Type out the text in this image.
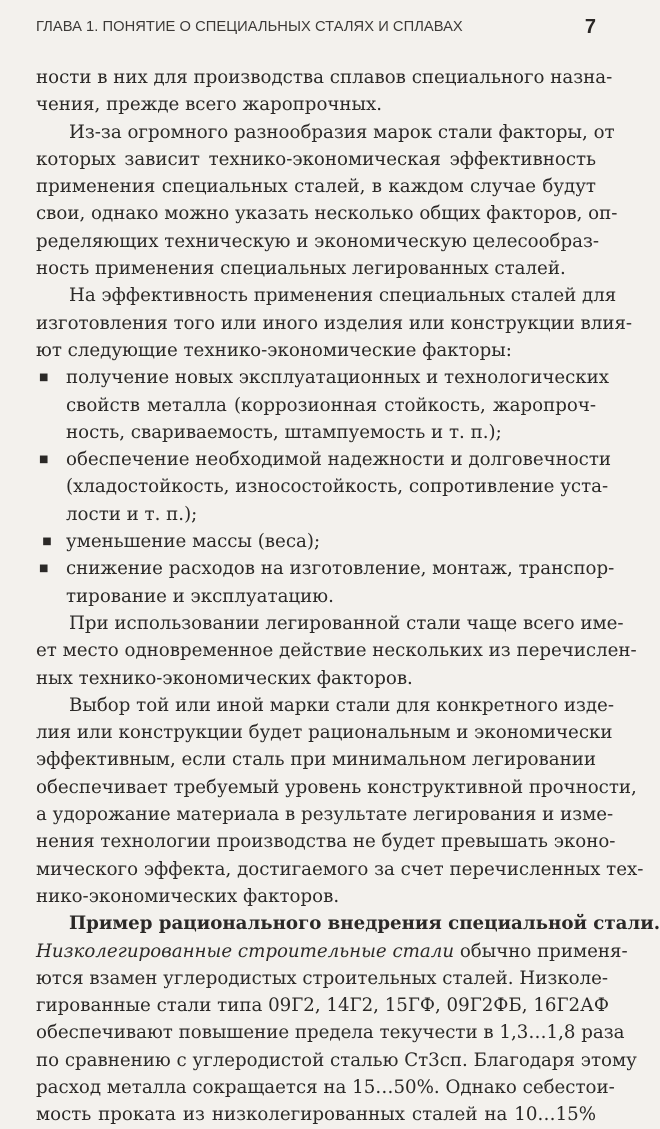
ГЛАВА 1. ПОНЯТИЕ О СПЕЦИАЛЬНЫХ СТАЛЯХ И СПЛАВАХ	7
ности в них для производства сплавов специального назна-
чения, прежде всего жаропрочных.
Из-за огромного разнообразия марок стали факторы, от
которых зависит технико-экономическая эффективность
применения специальных сталей, в каждом случае будут
свои, однако можно указать несколько общих факторов, оп-
ределяющих техническую и экономическую целесообраз-
ность применения специальных легированных сталей.
На эффективность применения специальных сталей для
изготовления того или иного изделия или конструкции влия-
ют следующие технико-экономические факторы:
■ получение новых эксплуатационных и технологических
свойств металла (коррозионная стойкость, жаропроч-
ность, свариваемость, штампуемость и т. п.);
■ обеспечение необходимой надежности и долговечности
(хладостойкость, износостойкость, сопротивление уста-
лости и т. п.);
■ уменьшение массы (веса);
■ снижение расходов на изготовление, монтаж, транспор-
тирование и эксплуатацию.
При использовании легированной стали чаще всего име-
ет место одновременное действие нескольких из перечислен-
ных технико-экономических факторов.
Выбор той или иной марки стали для конкретного изде-
лия или конструкции будет рациональным и экономически
эффективным, если сталь при минимальном легировании
обеспечивает требуемый уровень конструктивной прочности,
а удорожание материала в результате легирования и изме-
нения технологии производства не будет превышать эконо-
мического эффекта, достигаемого за счет перечисленных тех-
нико-экономических факторов.
Пример рационального внедрения специальной стали.
Низколегированные строительные стали обычно применя-
ются взамен углеродистых строительных сталей. Низколе-
гированные стали типа 09Г2, 14Г2, 15ГФ, 09Г2ФБ, 16Г2АФ
обеспечивают повышение предела текучести в 1,3…1,8 раза
по сравнению с углеродистой сталью Ст3сп. Благодаря этому
расход металла сокращается на 15…50%. Однако себестои-
мость проката из низколегированных сталей на 10…15%
